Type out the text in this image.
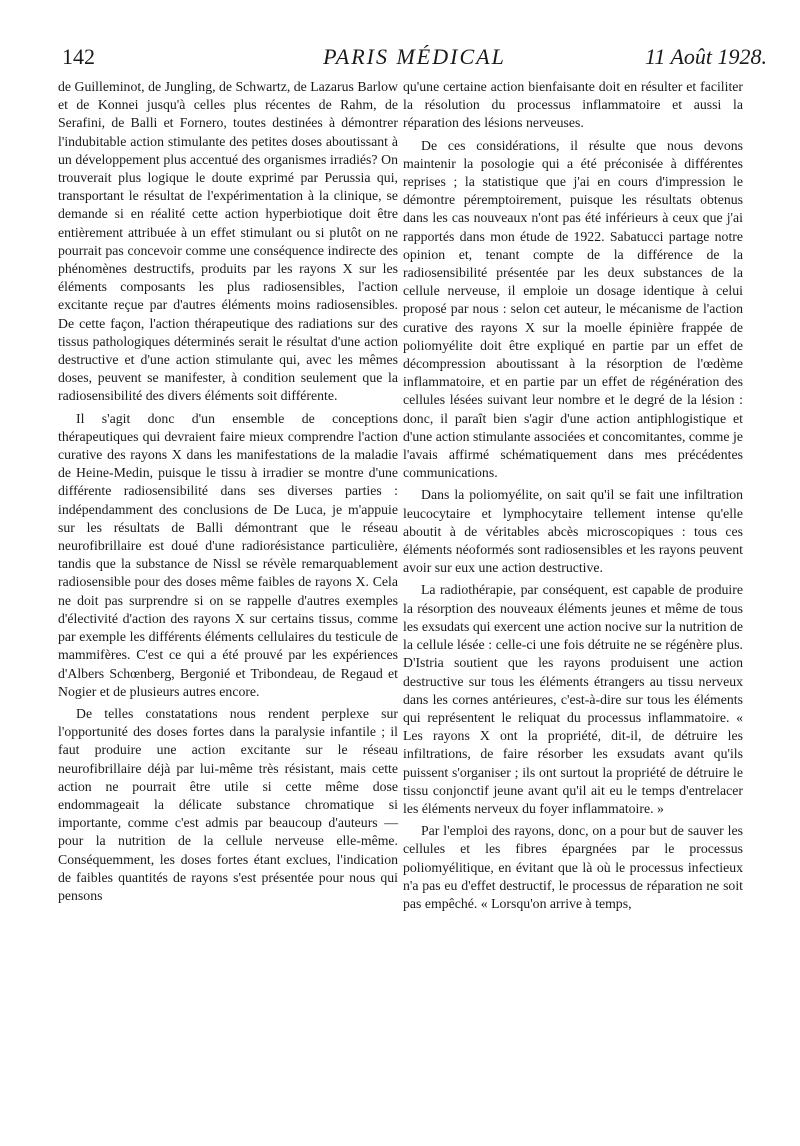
142	PARIS MÉDICAL	11 Août 1928.

de Guilleminot, de Jungling, de Schwartz, de Lazarus Barlow et de Konnei jusqu'à celles plus récentes de Rahm, de Serafini, de Balli et Fornero, toutes destinées à démontrer l'indubitable action stimulante des petites doses aboutissant à un développement plus accentué des organismes irradiés? On trouverait plus logique le doute exprimé par Perussia qui, transportant le résultat de l'expérimentation à la clinique, se demande si en réalité cette action hyperbiotique doit être entièrement attribuée à un effet stimulant ou si plutôt on ne pourrait pas concevoir comme une conséquence indirecte des phénomènes destructifs, produits par les rayons X sur les éléments composants les plus radiosensibles, l'action excitante reçue par d'autres éléments moins radiosensibles. De cette façon, l'action thérapeutique des radiations sur des tissus pathologiques déterminés serait le résultat d'une action destructive et d'une action stimulante qui, avec les mêmes doses, peuvent se manifester, à condition seulement que la radiosensibilité des divers éléments soit différente.

Il s'agit donc d'un ensemble de conceptions thérapeutiques qui devraient faire mieux comprendre l'action curative des rayons X dans les manifestations de la maladie de Heine-Medin, puisque le tissu à irradier se montre d'une différente radiosensibilité dans ses diverses parties : indépendamment des conclusions de De Luca, je m'appuie sur les résultats de Balli démontrant que le réseau neurofibrillaire est doué d'une radiorésistance particulière, tandis que la substance de Nissl se révèle remarquablement radiosensible pour des doses même faibles de rayons X. Cela ne doit pas surprendre si on se rappelle d'autres exemples d'électivité d'action des rayons X sur certains tissus, comme par exemple les différents éléments cellulaires du testicule de mammifères. C'est ce qui a été prouvé par les expériences d'Albers Schœnberg, Bergonié et Tribondeau, de Regaud et Nogier et de plusieurs autres encore.

De telles constatations nous rendent perplexe sur l'opportunité des doses fortes dans la paralysie infantile ; il faut produire une action excitante sur le réseau neurofibrillaire déjà par lui-même très résistant, mais cette action ne pourrait être utile si cette même dose endommageait la délicate substance chromatique si importante, comme c'est admis par beaucoup d'auteurs — pour la nutrition de la cellule nerveuse elle-même. Conséquemment, les doses fortes étant exclues, l'indication de faibles quantités de rayons s'est présentée pour nous qui pensons

qu'une certaine action bienfaisante doit en résulter et faciliter la résolution du processus inflammatoire et aussi la réparation des lésions nerveuses.

De ces considérations, il résulte que nous devons maintenir la posologie qui a été préconisée à différentes reprises ; la statistique que j'ai en cours d'impression le démontre péremptoirement, puisque les résultats obtenus dans les cas nouveaux n'ont pas été inférieurs à ceux que j'ai rapportés dans mon étude de 1922. Sabatucci partage notre opinion et, tenant compte de la différence de la radiosensibilité présentée par les deux substances de la cellule nerveuse, il emploie un dosage identique à celui proposé par nous : selon cet auteur, le mécanisme de l'action curative des rayons X sur la moelle épinière frappée de poliomyélite doit être expliqué en partie par un effet de décompression aboutissant à la résorption de l'œdème inflammatoire, et en partie par un effet de régénération des cellules lésées suivant leur nombre et le degré de la lésion : donc, il paraît bien s'agir d'une action antiphlogistique et d'une action stimulante associées et concomitantes, comme je l'avais affirmé schématiquement dans mes précédentes communications.

Dans la poliomyélite, on sait qu'il se fait une infiltration leucocytaire et lymphocytaire tellement intense qu'elle aboutit à de véritables abcès microscopiques : tous ces éléments néoformés sont radiosensibles et les rayons peuvent avoir sur eux une action destructive.

La radiothérapie, par conséquent, est capable de produire la résorption des nouveaux éléments jeunes et même de tous les exsudats qui exercent une action nocive sur la nutrition de la cellule lésée : celle-ci une fois détruite ne se régénère plus. D'Istria soutient que les rayons produisent une action destructive sur tous les éléments étrangers au tissu nerveux dans les cornes antérieures, c'est-à-dire sur tous les éléments qui représentent le reliquat du processus inflammatoire. « Les rayons X ont la propriété, dit-il, de détruire les infiltrations, de faire résorber les exsudats avant qu'ils puissent s'organiser ; ils ont surtout la propriété de détruire le tissu conjonctif jeune avant qu'il ait eu le temps d'entrelacer les éléments nerveux du foyer inflammatoire. »

Par l'emploi des rayons, donc, on a pour but de sauver les cellules et les fibres épargnées par le processus poliomyélitique, en évitant que là où le processus infectieux n'a pas eu d'effet destructif, le processus de réparation ne soit pas empêché. « Lorsqu'on arrive à temps,
